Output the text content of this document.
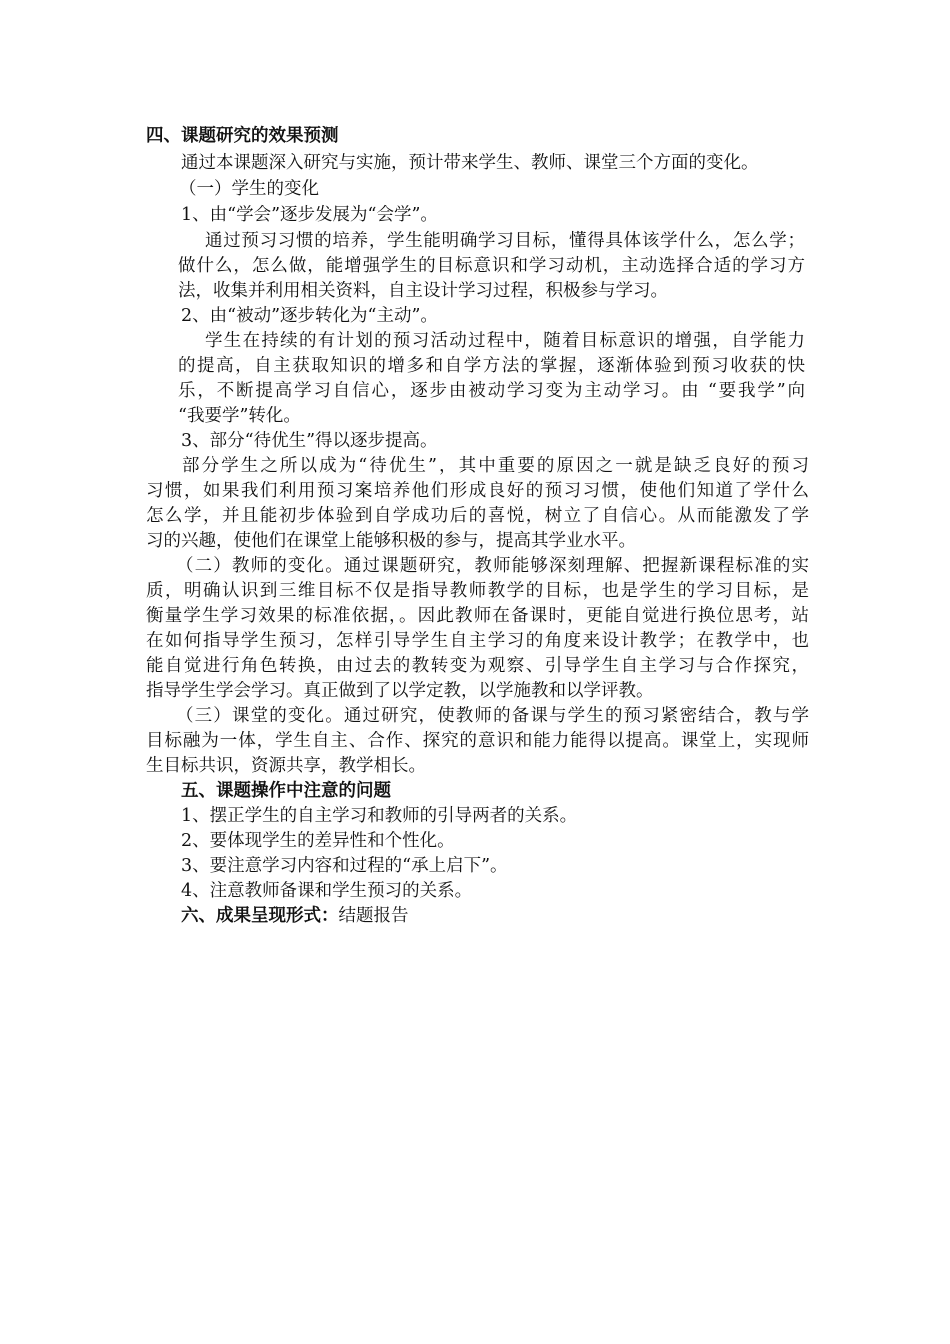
四、课题研究的效果预测
通过本课题深入研究与实施，预计带来学生、教师、课堂三个方面的变化。
（一）学生的变化
1、由“学会”逐步发展为“会学”。
通过预习习惯的培养，学生能明确学习目标，懂得具体该学什么，怎么学；
做什么，怎么做，能增强学生的目标意识和学习动机，主动选择合适的学习方
法，收集并利用相关资料，自主设计学习过程，积极参与学习。
2、由“被动”逐步转化为“主动”。
学生在持续的有计划的预习活动过程中，随着目标意识的增强，自学能力
的提高，自主获取知识的增多和自学方法的掌握，逐渐体验到预习收获的快
乐，不断提高学习自信心，逐步由被动学习变为主动学习。由 “要我学”向
“我要学”转化。
3、部分“待优生”得以逐步提高。
部分学生之所以成为“待优生”，其中重要的原因之一就是缺乏良好的预习
习惯，如果我们利用预习案培养他们形成良好的预习习惯，使他们知道了学什么
怎么学，并且能初步体验到自学成功后的喜悦，树立了自信心。从而能激发了学
习的兴趣，使他们在课堂上能够积极的参与，提高其学业水平。
（二）教师的变化。通过课题研究，教师能够深刻理解、把握新课程标准的实
质，明确认识到三维目标不仅是指导教师教学的目标，也是学生的学习目标，是
衡量学生学习效果的标准依据，。因此教师在备课时，更能自觉进行换位思考，站
在如何指导学生预习，怎样引导学生自主学习的角度来设计教学；在教学中，也
能自觉进行角色转换，由过去的教转变为观察、引导学生自主学习与合作探究，
指导学生学会学习。真正做到了以学定教，以学施教和以学评教。
（三）课堂的变化。通过研究，使教师的备课与学生的预习紧密结合，教与学
目标融为一体，学生自主、合作、探究的意识和能力能得以提高。课堂上，实现师
生目标共识，资源共享，教学相长。
五、课题操作中注意的问题
1、摆正学生的自主学习和教师的引导两者的关系。
2、要体现学生的差异性和个性化。
3、要注意学习内容和过程的“承上启下”。
4、注意教师备课和学生预习的关系。
六、成果呈现形式：结题报告
